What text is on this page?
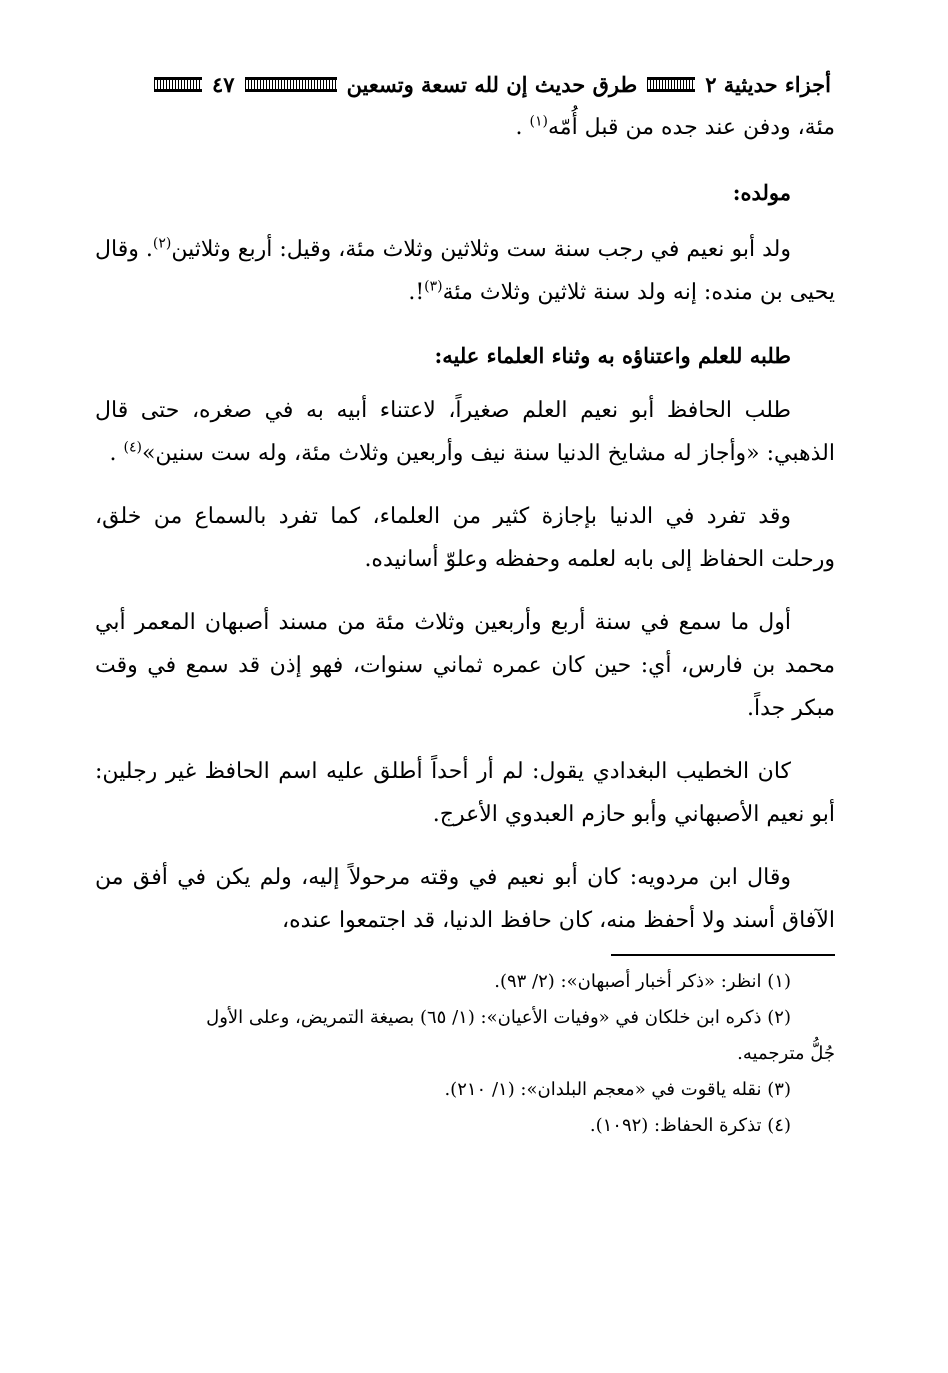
أجزاء حديثية ٢
طرق حديث إن لله تسعة وتسعين
٤٧

مئة، ودفن عند جده من قبل أُمّه$^{(١)}$ .

مولده:

ولد أبو نعيم في رجب سنة ست وثلاثين وثلاث مئة، وقيل: أربع وثلاثين$^{(٢)}$. وقال يحيى بن منده: إنه ولد سنة ثلاثين وثلاث مئة$^{(٣)}$!.

طلبه للعلم واعتناؤه به وثناء العلماء عليه:

طلب الحافظ أبو نعيم العلم صغيراً، لاعتناء أبيه به في صغره، حتى قال الذهبي: «وأجاز له مشايخ الدنيا سنة نيف وأربعين وثلاث مئة، وله ست سنين»$^{(٤)}$ .

وقد تفرد في الدنيا بإجازة كثير من العلماء، كما تفرد بالسماع من خلق، ورحلت الحفاظ إلى بابه لعلمه وحفظه وعلوّ أسانيده.

أول ما سمع في سنة أربع وأربعين وثلاث مئة من مسند أصبهان المعمر أبي محمد بن فارس، أي: حين كان عمره ثماني سنوات، فهو إذن قد سمع في وقت مبكر جداً.

كان الخطيب البغدادي يقول: لم أر أحداً أطلق عليه اسم الحافظ غير رجلين: أبو نعيم الأصبهاني وأبو حازم العبدوي الأعرج.

وقال ابن مردويه: كان أبو نعيم في وقته مرحولاً إليه، ولم يكن في أفق من الآفاق أسند ولا أحفظ منه، كان حافظ الدنيا، قد اجتمعوا عنده،

(١) انظر: «ذكر أخبار أصبهان»: (٢/ ٩٣).

(٢) ذكره ابن خلكان في «وفيات الأعيان»: (١/ ٦٥) بصيغة التمريض، وعلى الأول

جُلُّ مترجميه.

(٣) نقله ياقوت في «معجم البلدان»: (١/ ٢١٠).

(٤) تذكرة الحفاظ: (١٠٩٢).
